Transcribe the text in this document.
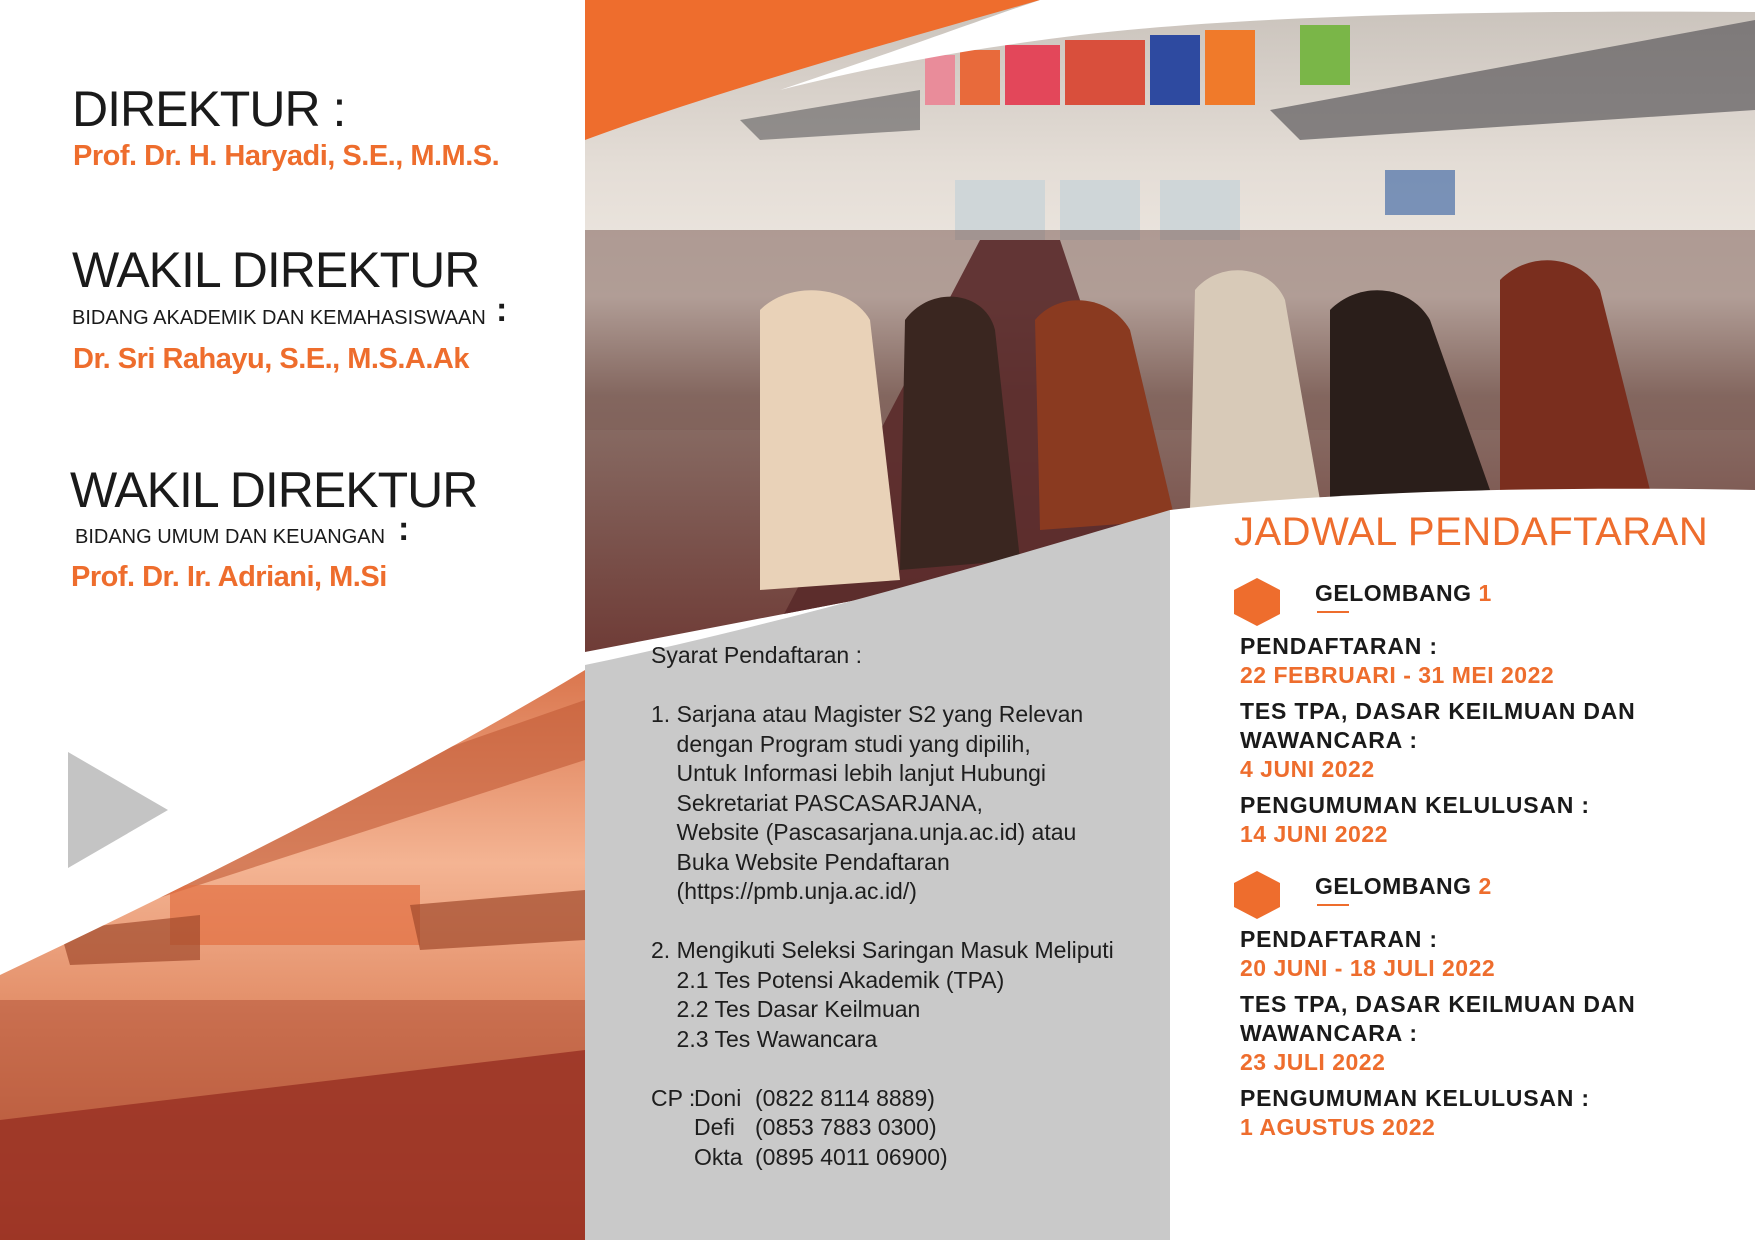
DIREKTUR :
Prof. Dr. H. Haryadi, S.E., M.M.S.
WAKIL DIREKTUR
BIDANG AKADEMIK DAN KEMAHASISWAAN :
Dr. Sri Rahayu, S.E., M.S.A.Ak
WAKIL DIREKTUR
BIDANG UMUM DAN KEUANGAN :
Prof. Dr. Ir. Adriani, M.Si
Syarat Pendaftaran :
1. Sarjana atau Magister S2 yang Relevan
dengan Program studi yang dipilih,
Untuk Informasi lebih lanjut Hubungi
Sekretariat PASCASARJANA,
Website (Pascasarjana.unja.ac.id) atau
Buka Website Pendaftaran
(https://pmb.unja.ac.id/)
2. Mengikuti Seleksi Saringan Masuk Meliputi
2.1 Tes Potensi Akademik (TPA)
2.2 Tes Dasar Keilmuan
2.3 Tes Wawancara
CP :
Doni (0822 8114 8889)
Defi (0853 7883 0300)
Okta (0895 4011 06900)
JADWAL PENDAFTARAN
GELOMBANG 1
PENDAFTARAN :
22 FEBRUARI - 31 MEI 2022
TES TPA, DASAR KEILMUAN DAN
WAWANCARA :
4 JUNI 2022
PENGUMUMAN KELULUSAN :
14 JUNI 2022
GELOMBANG 2
PENDAFTARAN :
20 JUNI - 18 JULI 2022
TES TPA, DASAR KEILMUAN DAN
WAWANCARA :
23 JULI 2022
PENGUMUMAN KELULUSAN :
1 AGUSTUS 2022
